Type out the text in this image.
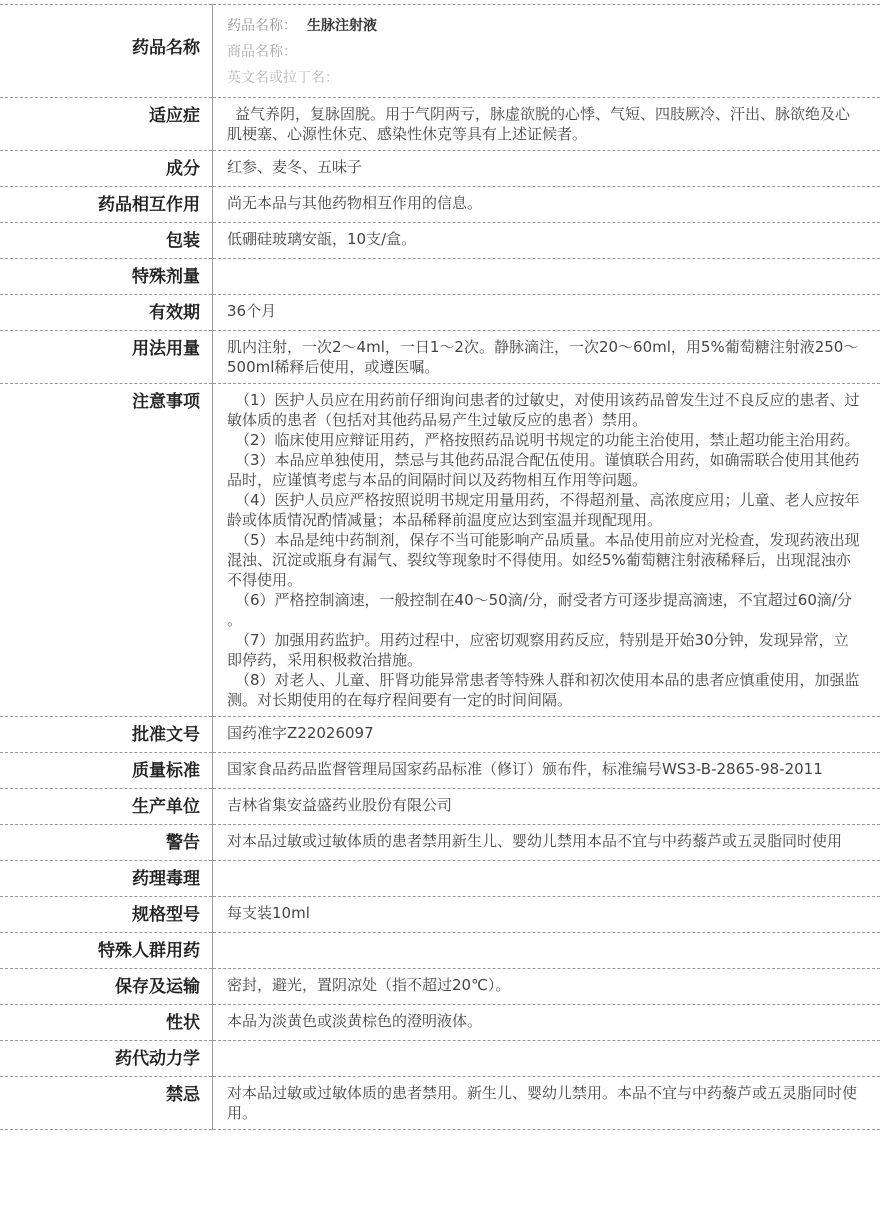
药品名称	药品名称： 生脉注射液
商品名称：
英文名或拉丁名：

适应症	益气养阴，复脉固脱。用于气阴两亏，脉虚欲脱的心悸、气短、四肢厥冷、汗出、脉欲绝及心肌梗塞、心源性休克、感染性休克等具有上述证候者。
成分	红参、麦冬、五味子
药品相互作用	尚无本品与其他药物相互作用的信息。
包装	低硼硅玻璃安瓿，10支/盒。
特殊剂量	
有效期	36个月
用法用量	肌内注射，一次2～4ml，一日1～2次。静脉滴注，一次20～60ml，用5%葡萄糖注射液250～500ml稀释后使用，或遵医嘱。
注意事项	（1）医护人员应在用药前仔细询问患者的过敏史，对使用该药品曾发生过不良反应的患者、过敏体质的患者（包括对其他药品易产生过敏反应的患者）禁用。

（2）临床使用应辩证用药，严格按照药品说明书规定的功能主治使用，禁止超功能主治用药。

（3）本品应单独使用，禁忌与其他药品混合配伍使用。谨慎联合用药，如确需联合使用其他药品时，应谨慎考虑与本品的间隔时间以及药物相互作用等问题。

（4）医护人员应严格按照说明书规定用量用药，不得超剂量、高浓度应用；儿童、老人应按年龄或体质情况酌情减量；本品稀释前温度应达到室温并现配现用。

（5）本品是纯中药制剂，保存不当可能影响产品质量。本品使用前应对光检查，发现药液出现混浊、沉淀或瓶身有漏气、裂纹等现象时不得使用。如经5%葡萄糖注射液稀释后，出现混浊亦不得使用。

（6）严格控制滴速，一般控制在40～50滴/分，耐受者方可逐步提高滴速，不宜超过60滴/分。

（7）加强用药监护。用药过程中，应密切观察用药反应，特别是开始30分钟，发现异常，立即停药，采用积极救治措施。

（8）对老人、儿童、肝肾功能异常患者等特殊人群和初次使用本品的患者应慎重使用，加强监测。对长期使用的在每疗程间要有一定的时间间隔。

批准文号	国药准字Z22026097
质量标准	国家食品药品监督管理局国家药品标准（修订）颁布件，标准编号WS3-B-2865-98-2011
生产单位	吉林省集安益盛药业股份有限公司
警告	对本品过敏或过敏体质的患者禁用新生儿、婴幼儿禁用本品不宜与中药藜芦或五灵脂同时使用
药理毒理	
规格型号	每支装10ml
特殊人群用药	
保存及运输	密封，避光，置阴凉处（指不超过20℃）。
性状	本品为淡黄色或淡黄棕色的澄明液体。
药代动力学	
禁忌	对本品过敏或过敏体质的患者禁用。新生儿、婴幼儿禁用。本品不宜与中药藜芦或五灵脂同时使用。
